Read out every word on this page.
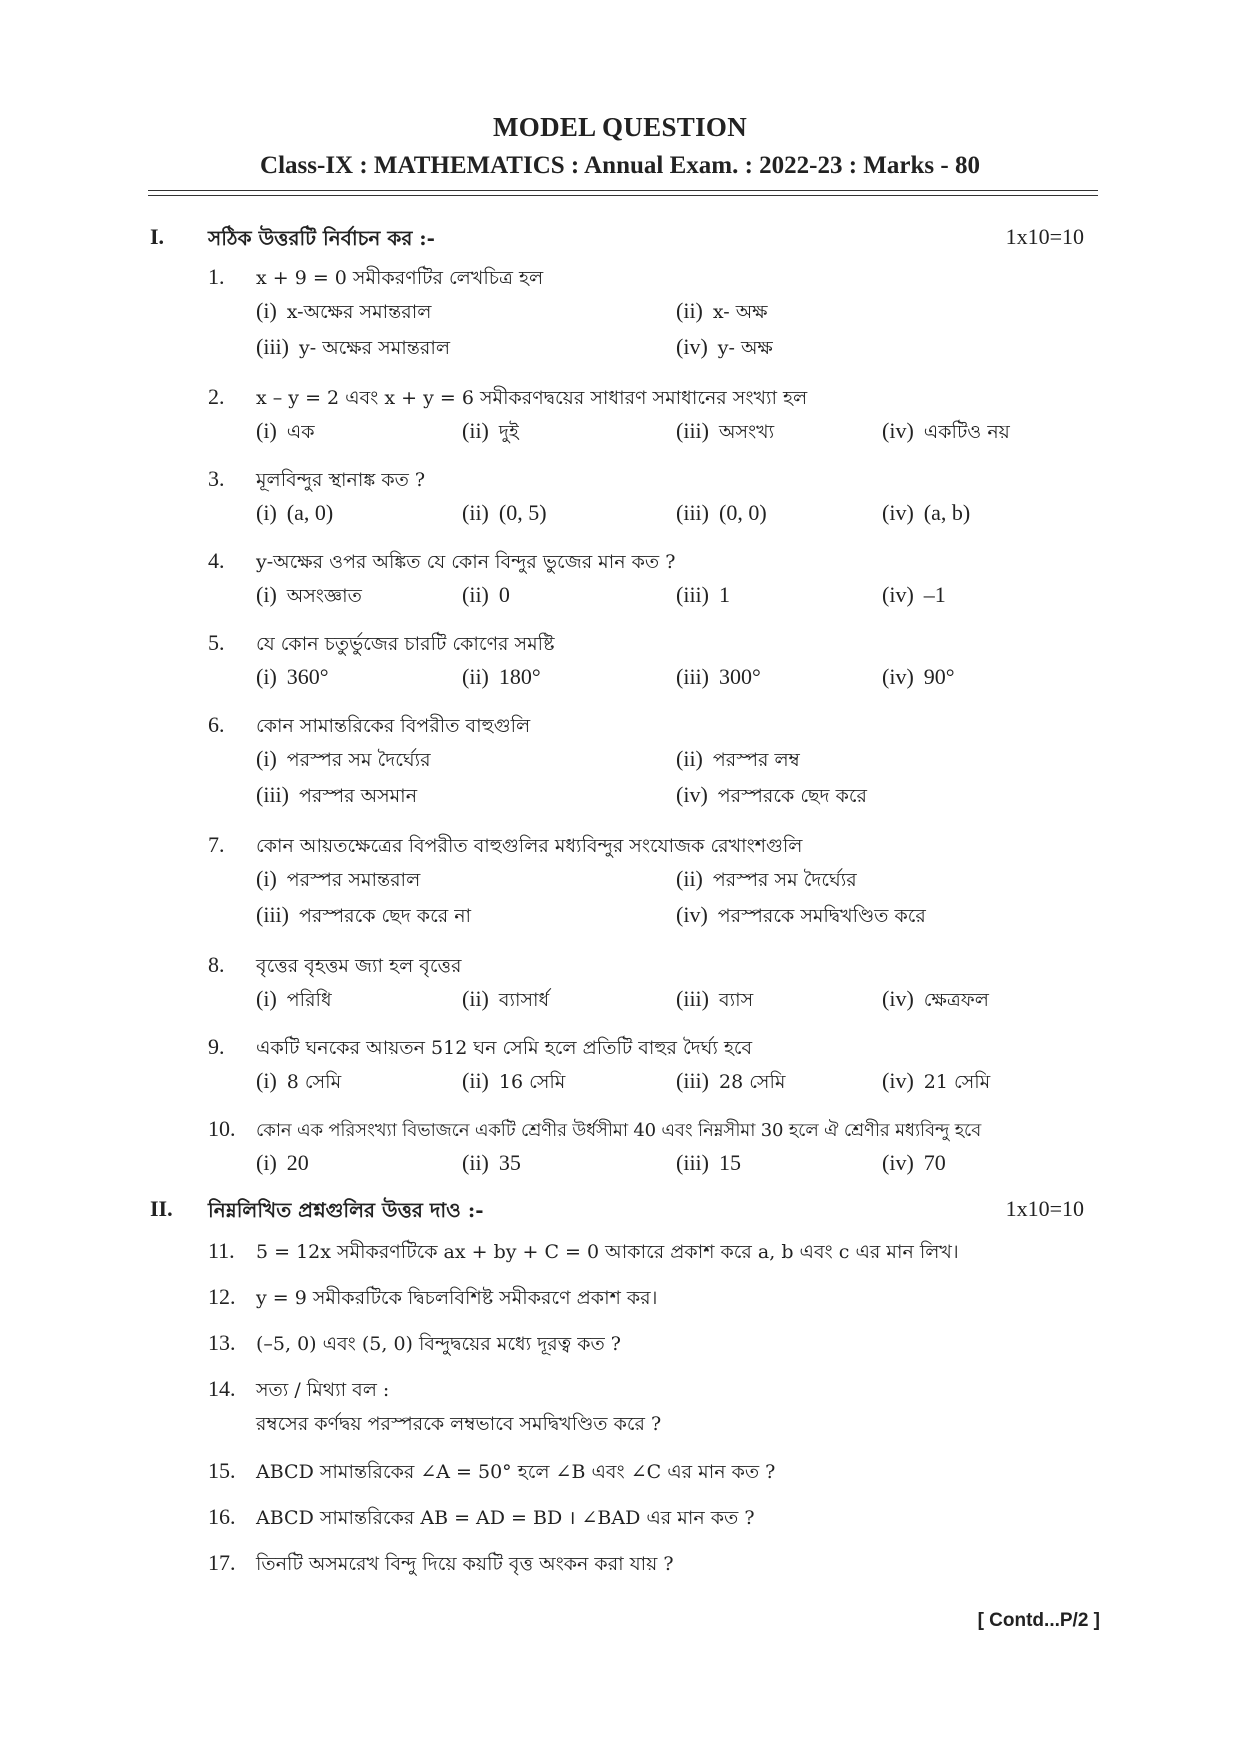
MODEL QUESTION
Class-IX : MATHEMATICS : Annual Exam. : 2022-23 : Marks - 80
I. সঠিক উত্তরটি নির্বাচন কর :-	1x10=10
1. x + 9 = 0 সমীকরণটির লেখচিত্র হল
(i) x-অক্ষের সমান্তরাল	(ii) x- অক্ষ
(iii) y- অক্ষের সমান্তরাল	(iv) y- অক্ষ
2. x – y = 2 এবং x + y = 6 সমীকরণদ্বয়ের সাধারণ সমাধানের সংখ্যা হল
(i) এক	(ii) দুই	(iii) অসংখ্য	(iv) একটিও নয়
3. মূলবিন্দুর স্থানাঙ্ক কত ?
(i) (a, 0)	(ii) (0, 5)	(iii) (0, 0)	(iv) (a, b)
4. y-অক্ষের ওপর অঙ্কিত যে কোন বিন্দুর ভুজের মান কত ?
(i) অসংজ্ঞাত	(ii) 0	(iii) 1	(iv) –1
5. যে কোন চতুর্ভুজের চারটি কোণের সমষ্টি
(i) 360°	(ii) 180°	(iii) 300°	(iv) 90°
6. কোন সামান্তরিকের বিপরীত বাহুগুলি
(i) পরস্পর সম দৈর্ঘ্যের	(ii) পরস্পর লম্ব
(iii) পরস্পর অসমান	(iv) পরস্পরকে ছেদ করে
7. কোন আয়তক্ষেত্রের বিপরীত বাহুগুলির মধ্যবিন্দুর সংযোজক রেখাংশগুলি
(i) পরস্পর সমান্তরাল	(ii) পরস্পর সম দৈর্ঘ্যের
(iii) পরস্পরকে ছেদ করে না	(iv) পরস্পরকে সমদ্বিখণ্ডিত করে
8. বৃত্তের বৃহত্তম জ্যা হল বৃত্তের
(i) পরিধি	(ii) ব্যাসার্ধ	(iii) ব্যাস	(iv) ক্ষেত্রফল
9. একটি ঘনকের আয়তন 512 ঘন সেমি হলে প্রতিটি বাহুর দৈর্ঘ্য হবে
(i) 8 সেমি	(ii) 16 সেমি	(iii) 28 সেমি	(iv) 21 সেমি
10. কোন এক পরিসংখ্যা বিভাজনে একটি শ্রেণীর উর্ধসীমা 40 এবং নিম্নসীমা 30 হলে ঐ শ্রেণীর মধ্যবিন্দু হবে
(i) 20	(ii) 35	(iii) 15	(iv) 70
II. নিম্নলিখিত প্রশ্নগুলির উত্তর দাও :-	1x10=10
11. 5 = 12x সমীকরণটিকে ax + by + C = 0 আকারে প্রকাশ করে a, b এবং c এর মান লিখ।
12. y = 9 সমীকরটিকে দ্বিচলবিশিষ্ট সমীকরণে প্রকাশ কর।
13. (–5, 0) এবং (5, 0) বিন্দুদ্বয়ের মধ্যে দূরত্ব কত ?
14. সত্য / মিথ্যা বল :
রম্বসের কর্ণদ্বয় পরস্পরকে লম্বভাবে সমদ্বিখণ্ডিত করে ?
15. ABCD সামান্তরিকের ∠A = 50° হলে ∠B এবং ∠C এর মান কত ?
16. ABCD সামান্তরিকের AB = AD = BD । ∠BAD এর মান কত ?
17. তিনটি অসমরেখ বিন্দু দিয়ে কয়টি বৃত্ত অংকন করা যায় ?
[ Contd...P/2 ]
